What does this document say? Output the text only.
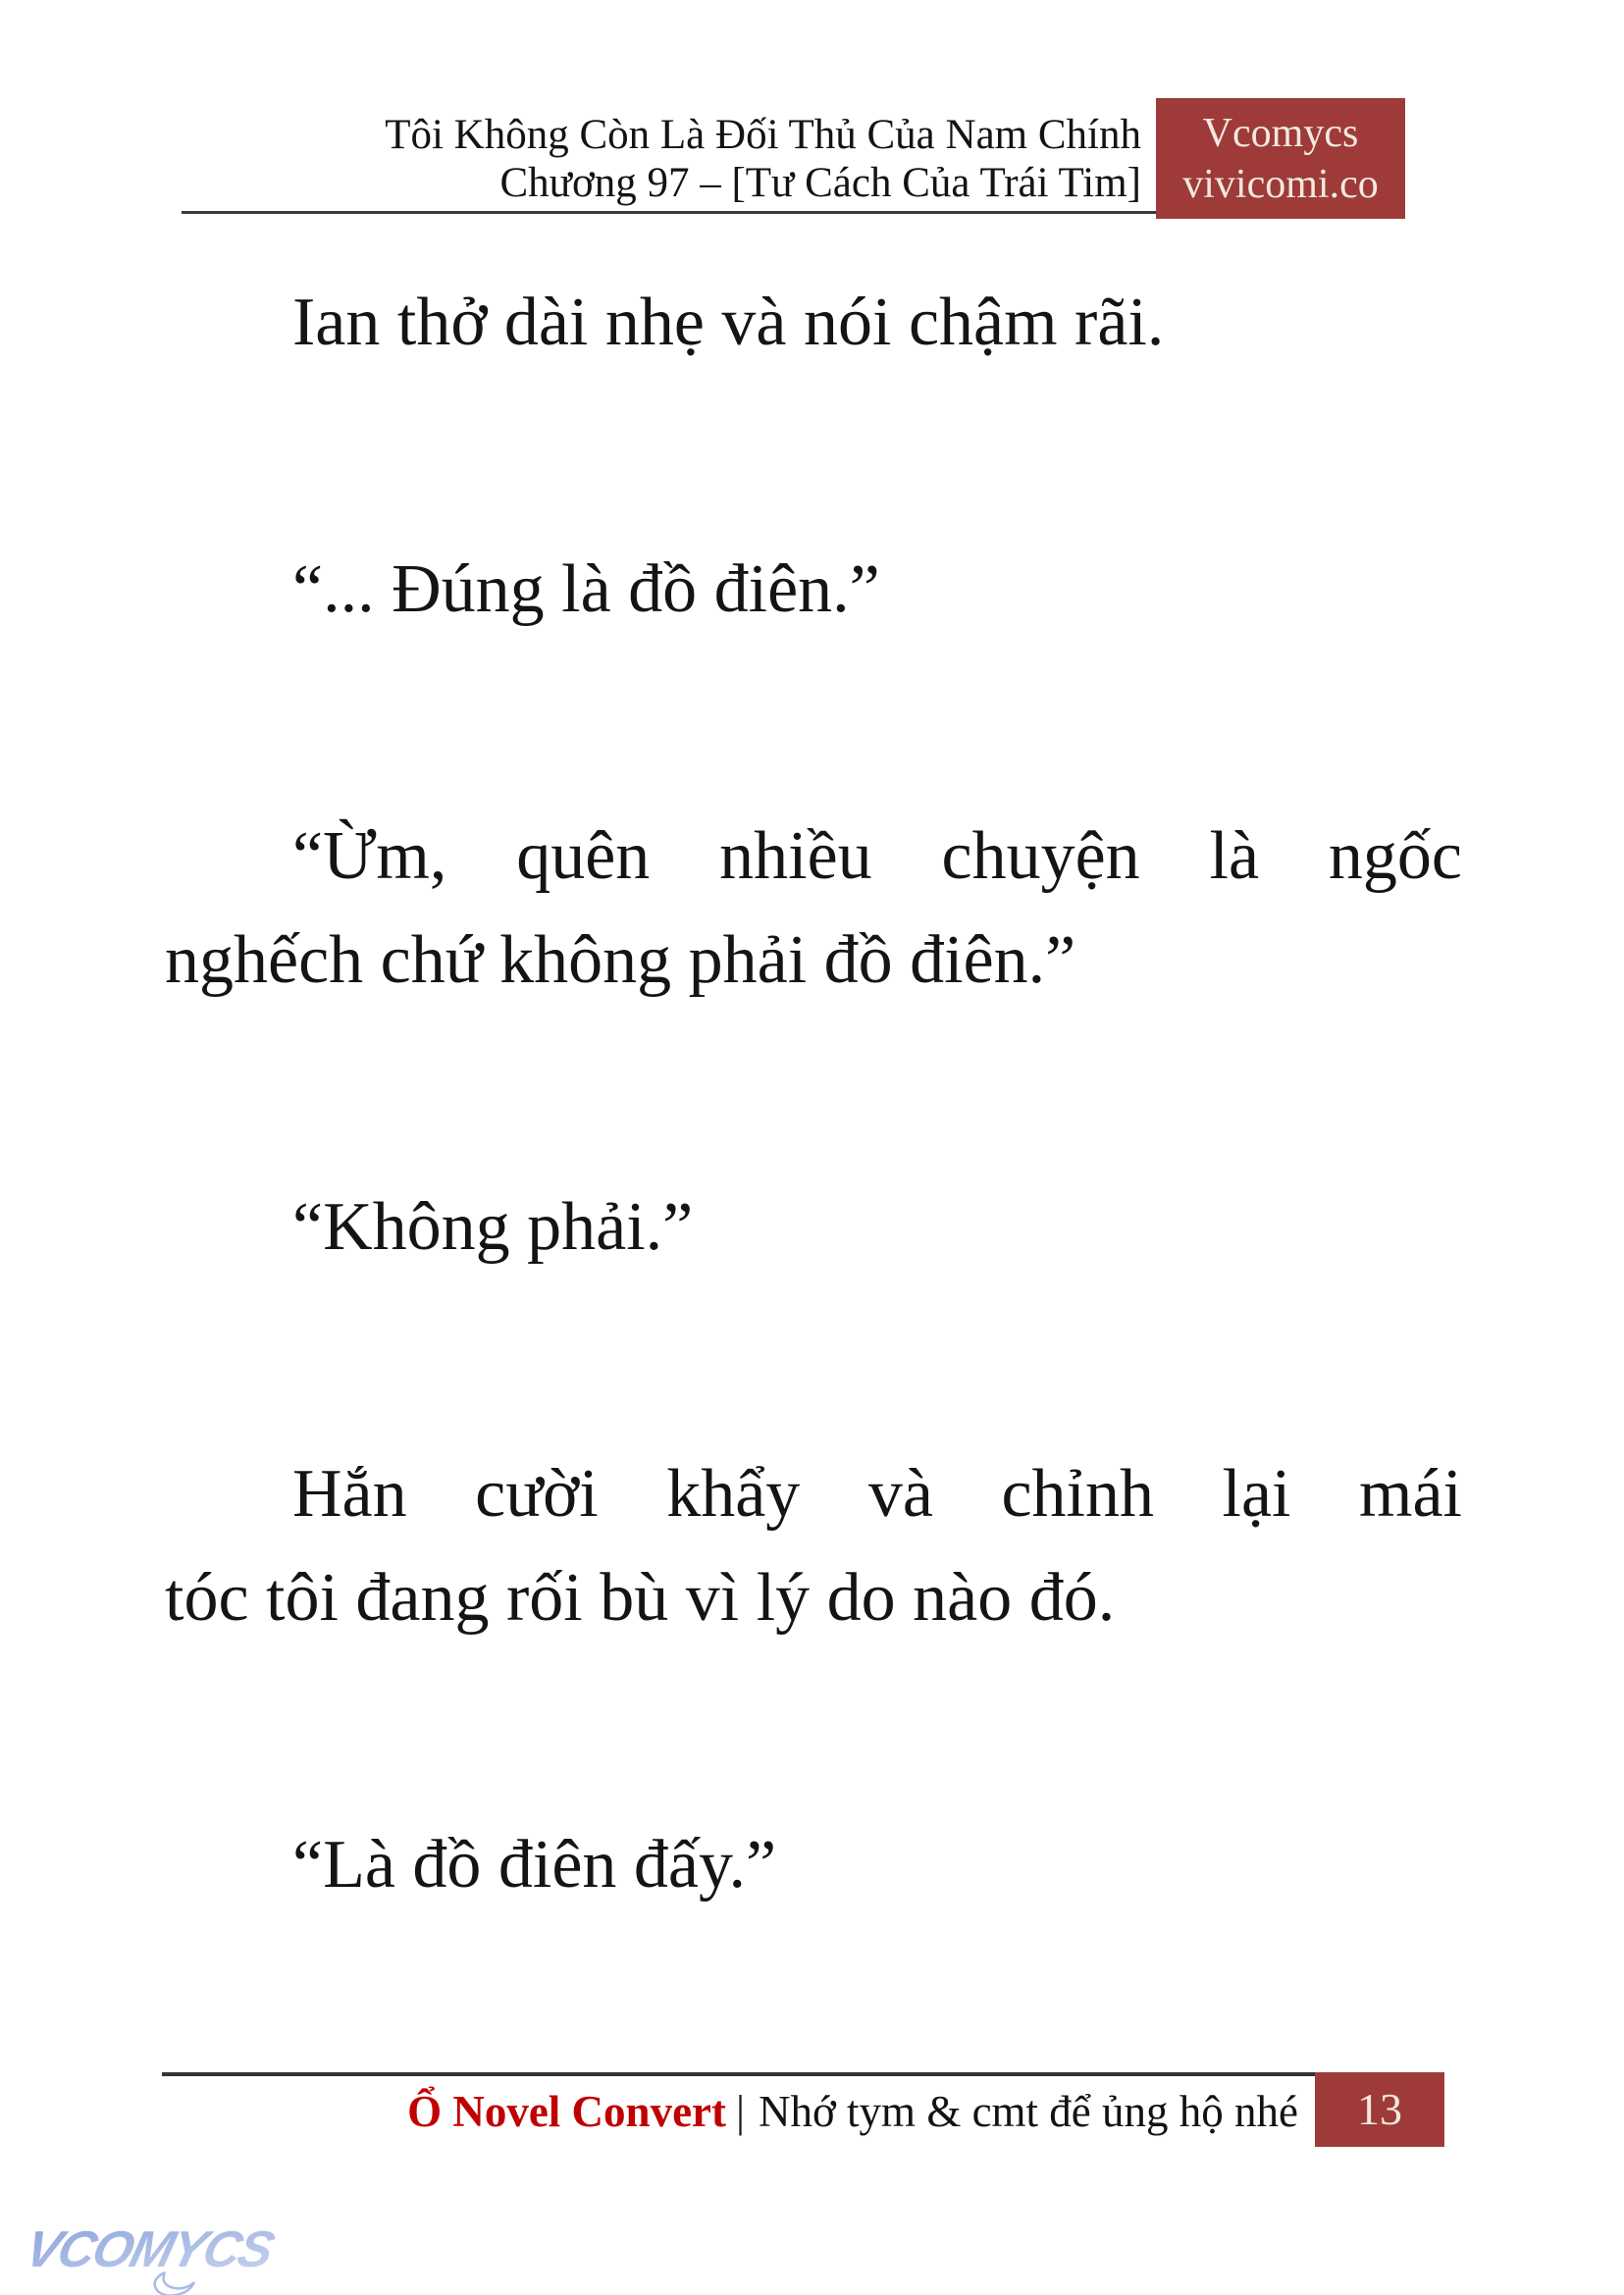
Tôi Không Còn Là Đối Thủ Của Nam Chính
Chương 97 – [Tư Cách Của Trái Tim]
Vcomycs
vivicomi.co
Ian thở dài nhẹ và nói chậm rãi.
“... Đúng là đồ điên.”
“Ừm, quên nhiều chuyện là ngốc
nghếch chứ không phải đồ điên.”
“Không phải.”
Hắn cười khẩy và chỉnh lại mái
tóc tôi đang rối bù vì lý do nào đó.
“Là đồ điên đấy.”
Ổ Novel Convert | Nhớ tym & cmt để ủng hộ nhé	13
VCOMYCS
